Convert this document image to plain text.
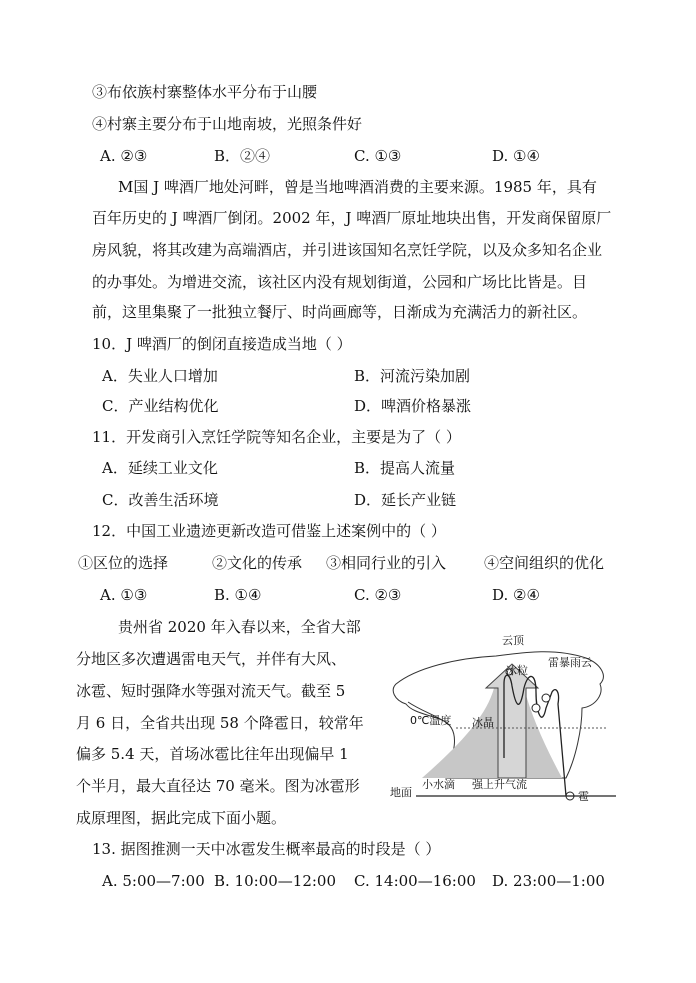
③布依族村寨整体水平分布于山腰
④村寨主要分布于山地南坡，光照条件好
A. ②③	B．②④	C. ①③	D. ①④
M国 J 啤酒厂地处河畔，曾是当地啤酒消费的主要来源。1985 年，具有
百年历史的 J 啤酒厂倒闭。2002 年，J 啤酒厂原址地块出售，开发商保留原厂
房风貌，将其改建为高端酒店，并引进该国知名烹饪学院，以及众多知名企业
的办事处。为增进交流，该社区内没有规划街道，公园和广场比比皆是。目
前，这里集聚了一批独立餐厅、时尚画廊等，日渐成为充满活力的新社区。
10．J 啤酒厂的倒闭直接造成当地（ ）
A．失业人口增加	B．河流污染加剧
C．产业结构优化	D．啤酒价格暴涨
11．开发商引入烹饪学院等知名企业，主要是为了（ ）
A．延续工业文化	B．提高人流量
C．改善生活环境	D．延长产业链
12．中国工业遗迹更新改造可借鉴上述案例中的（ ）
①区位的选择	②文化的传承 ③相同行业的引入	④空间组织的优化
A. ①③	B. ①④	C. ②③	D. ②④
贵州省 2020 年入春以来，全省大部
分地区多次遭遇雷电天气，并伴有大风、
冰雹、短时强降水等强对流天气。截至 5
月 6 日，全省共出现 58 个降雹日，较常年
偏多 5.4 天，首场冰雹比往年出现偏早 1
个半月，最大直径达 70 毫米。图为冰雹形
成原理图，据此完成下面小题。
云顶
雷暴雨云
冰粒
0℃温度 冰晶
地面
小水滴 强上升气流
雹
13. 据图推测一天中冰雹发生概率最高的时段是（ ）
A. 5:00—7:00 B. 10:00—12:00 C. 14:00—16:00 D. 23:00—1:00
